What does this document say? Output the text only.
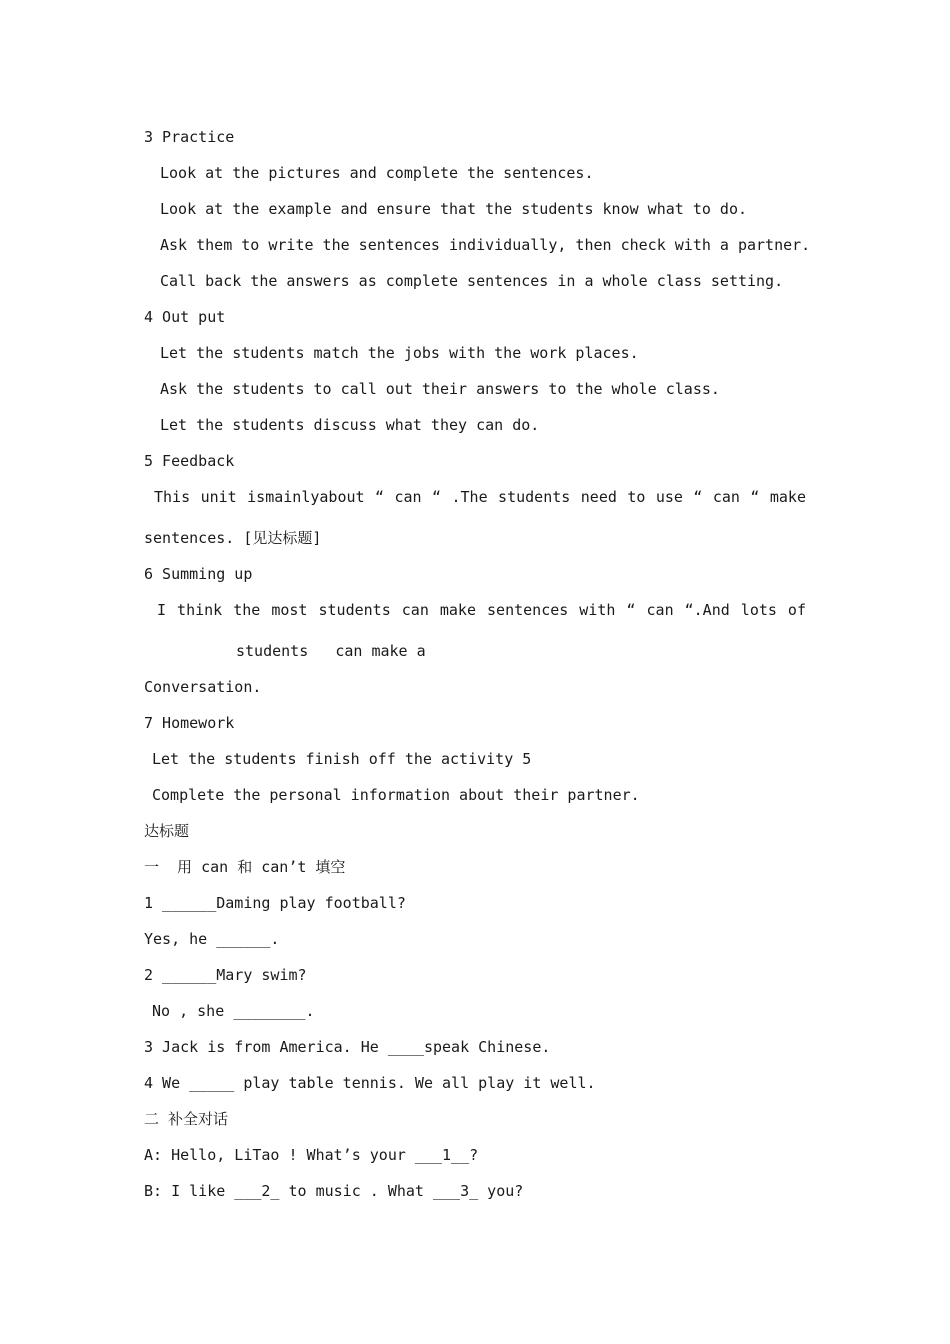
3 Practice
Look at the pictures and complete the sentences.
Look at the example and ensure that the students know what to do.
Ask them to write the sentences individually, then check with a partner.
Call back the answers as complete sentences in a whole class setting.
4 Out put
Let the students match the jobs with the work places.
Ask the students to call out their answers to the whole class.
Let the students discuss what they can do.
5 Feedback
This unit ismainlyabout “ can “ .The students need to use “ can “ make
sentences. [见达标题]
6 Summing up
I think the most students can make sentences with “ can “.And lots of
students   can make a
Conversation.
7 Homework
Let the students finish off the activity 5
Complete the personal information about their partner.
达标题
一  用 can 和 can’t 填空
1 ______Daming play football?
Yes, he ______.
2 ______Mary swim?
No , she ________.
3 Jack is from America. He ____speak Chinese.
4 We _____ play table tennis. We all play it well.
二 补全对话
A: Hello, LiTao ! What’s your ___1__?
B: I like ___2_ to music . What ___3_ you?
